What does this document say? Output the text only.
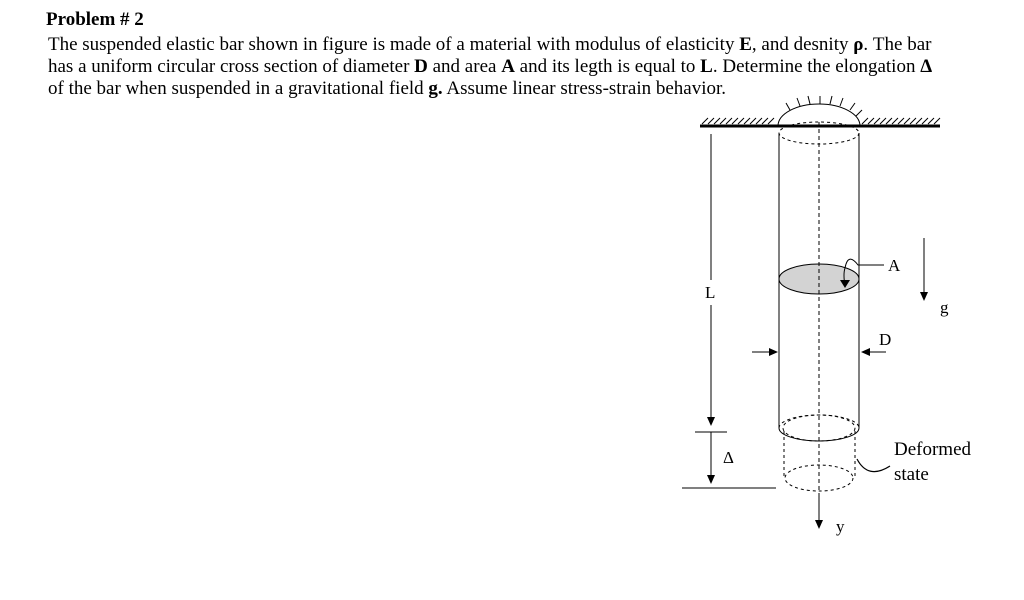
Problem # 2

The suspended elastic bar shown in figure is made of a material with modulus of elasticity E, and desnity ρ. The bar
has a uniform circular cross section of diameter D and area A and its legth is equal to L. Determine the elongation Δ
of the bar when suspended in a gravitational field g. Assume linear stress-strain behavior.

A
g
D
L
Δ
y
Deformed
state
